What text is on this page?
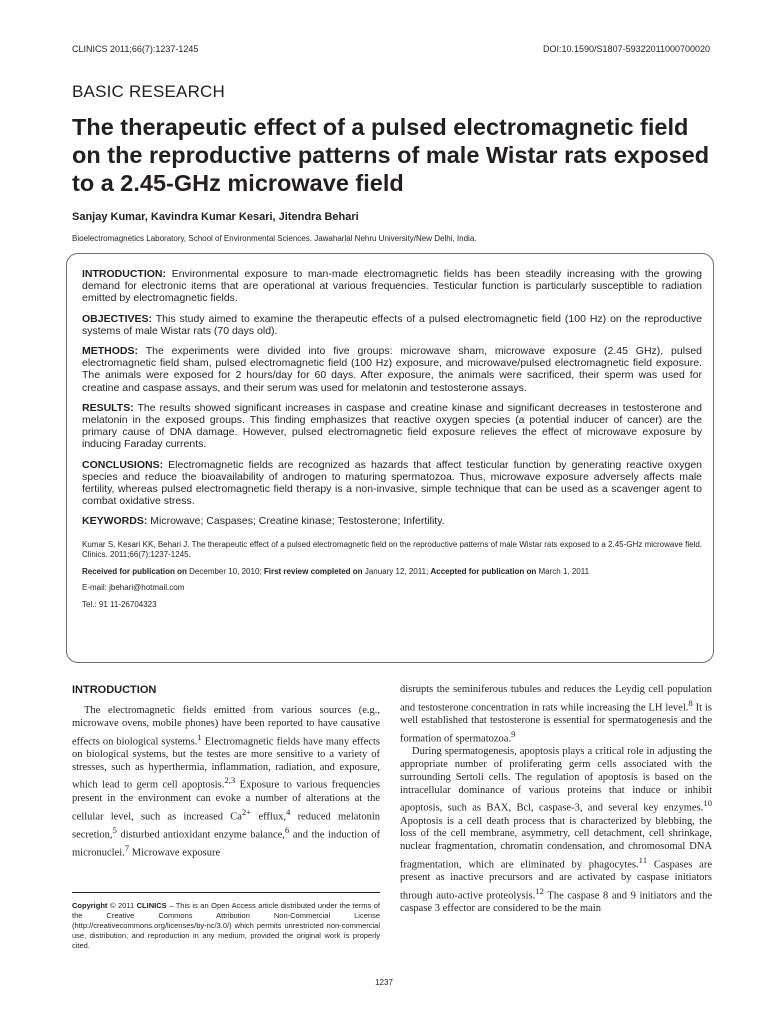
CLINICS 2011;66(7):1237-1245	DOI:10.1590/S1807-59322011000700020
BASIC RESEARCH
The therapeutic effect of a pulsed electromagnetic field on the reproductive patterns of male Wistar rats exposed to a 2.45-GHz microwave field
Sanjay Kumar, Kavindra Kumar Kesari, Jitendra Behari
Bioelectromagnetics Laboratory, School of Environmental Sciences. Jawaharlal Nehru University/New Delhi, India.

INTRODUCTION: Environmental exposure to man-made electromagnetic fields has been steadily increasing with the growing demand for electronic items that are operational at various frequencies. Testicular function is particularly susceptible to radiation emitted by electromagnetic fields.

OBJECTIVES: This study aimed to examine the therapeutic effects of a pulsed electromagnetic field (100 Hz) on the reproductive systems of male Wistar rats (70 days old).

METHODS: The experiments were divided into five groups: microwave sham, microwave exposure (2.45 GHz), pulsed electromagnetic field sham, pulsed electromagnetic field (100 Hz) exposure, and microwave/pulsed electromagnetic field exposure. The animals were exposed for 2 hours/day for 60 days. After exposure, the animals were sacrificed, their sperm was used for creatine and caspase assays, and their serum was used for melatonin and testosterone assays.

RESULTS: The results showed significant increases in caspase and creatine kinase and significant decreases in testosterone and melatonin in the exposed groups. This finding emphasizes that reactive oxygen species (a potential inducer of cancer) are the primary cause of DNA damage. However, pulsed electromagnetic field exposure relieves the effect of microwave exposure by inducing Faraday currents.

CONCLUSIONS: Electromagnetic fields are recognized as hazards that affect testicular function by generating reactive oxygen species and reduce the bioavailability of androgen to maturing spermatozoa. Thus, microwave exposure adversely affects male fertility, whereas pulsed electromagnetic field therapy is a non-invasive, simple technique that can be used as a scavenger agent to combat oxidative stress.

KEYWORDS: Microwave; Caspases; Creatine kinase; Testosterone; Infertility.

Kumar S, Kesari KK, Behari J. The therapeutic effect of a pulsed electromagnetic field on the reproductive patterns of male Wistar rats exposed to a 2.45-GHz microwave field. Clinics. 2011;66(7):1237-1245.

Received for publication on December 10, 2010; First review completed on January 12, 2011; Accepted for publication on March 1, 2011

E-mail: jbehari@hotmail.com

Tel.: 91 11-26704323

INTRODUCTION

The electromagnetic fields emitted from various sources (e.g., microwave ovens, mobile phones) have been reported to have causative effects on biological systems.$^1$ Electromagnetic fields have many effects on biological systems, but the testes are more sensitive to a variety of stresses, such as hyperthermia, inflammation, radiation, and exposure, which lead to germ cell apoptosis.$^{2,3}$ Exposure to various frequencies present in the environment can evoke a number of alterations at the cellular level, such as increased $Ca^{2+}$ efflux,$^4$ reduced melatonin secretion,$^5$ disturbed antioxidant enzyme balance,$^6$ and the induction of micronuclei.$^7$ Microwave exposure

disrupts the seminiferous tubules and reduces the Leydig cell population and testosterone concentration in rats while increasing the LH level.$^8$ It is well established that testosterone is essential for spermatogenesis and the formation of spermatozoa.$^9$

During spermatogenesis, apoptosis plays a critical role in adjusting the appropriate number of proliferating germ cells associated with the surrounding Sertoli cells. The regulation of apoptosis is based on the intracellular dominance of various proteins that induce or inhibit apoptosis, such as BAX, Bcl, caspase-3, and several key enzymes.$^{10}$ Apoptosis is a cell death process that is characterized by blebbing, the loss of the cell membrane, asymmetry, cell detachment, cell shrinkage, nuclear fragmentation, chromatin condensation, and chromosomal DNA fragmentation, which are eliminated by phagocytes.$^{11}$ Caspases are present as inactive precursors and are activated by caspase initiators through auto-active proteolysis.$^{12}$ The caspase 8 and 9 initiators and the caspase 3 effector are considered to be the main

Copyright © 2011 CLINICS – This is an Open Access article distributed under the terms of the Creative Commons Attribution Non-Commercial License (http://creativecommons.org/licenses/by-nc/3.0/) which permits unrestricted non-commercial use, distribution, and reproduction in any medium, provided the original work is properly cited.
1237
